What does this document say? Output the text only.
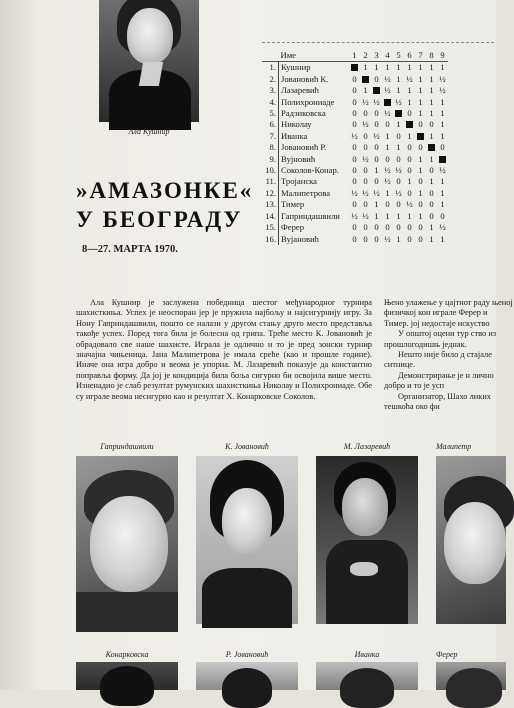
Ала Кушнир
»АМАЗОНКЕ«
У БЕОГРАДУ
8—27. МАРТА 1970.
	Име	1	2	3	4	5	6	7	8	9
1.	Кушнир		1	1	1	1	1	1	1	1
2.	Јовановић К.	0		0	½	1	½	1	1	½
3.	Лазаревић	0	1		½	1	1	1	1	½
4.	Полихрониаде	0	½	½		½	1	1	1	1
5.	Радзиковска	0	0	0	½		0	1	1	1
6.	Николау	0	½	0	0	1		0	0	1
7.	Иванка	½	0	½	1	0	1		1	1
8.	Јовановић Р.	0	0	0	1	1	0	0		0
9.	Вујновић	0	½	0	0	0	0	1	1	
10.	Соколов-Конар.	0	0	1	½	½	0	1	0	½
11.	Тројанска	0	0	0	½	0	1	0	1	1
12.	Малипетрова	½	½	½	1	½	0	1	0	1
13.	Тимер	0	0	1	0	0	½	0	0	1
14.	Гаприндашвили	½	½	1	1	1	1	1	0	0
15.	Ферер	0	0	0	0	0	0	0	1	½
16.	Вујановић	0	0	0	½	1	0	0	1	1

Ала Кушнир је заслужена победница шестог међународног турнира шахисткиња. Успех је неоспоран јер је пружила најбољу и најсигурнију игру. За Нону Гаприндашвили, пошто се налази у другом стању друго место представља такође успех. Поред тога била је болесна од грипа. Треће место К. Јовановић је обрадовало све наше шахисте. Играла је одлично и то је пред зонски турнир значајна чињеница. Јана Малипетрова је имала среће (као и прошле године). Иначе она игра добро и веома је упорна. М. Лазаревић показује да константно поправља форму. Да јој је кондиција била боља сигурно би освојила више место. Изненадио је слаб резултат румунских шахисткиња Николау и Полихрониаде. Обе су играле веома несигурно као и резултат Х. Конарковске Соколов.

Њено улажење у цајтнот раду њеној физичкој кон играле Ферер и Тимер. јој недостаје искуство

У општој оцени тур ство из прошлогодишњ једнак.

Нешто није било д стајале ситнице.

Демонстрирање је н лично добро и то је усп

Организатор, Шахо ликих тешкоћа око фи

Гаприндашвили	К. Јовановић	М. Лазаревић	Малипетр
Конарковска	Р. Јовановић	Иванка	Ферер
